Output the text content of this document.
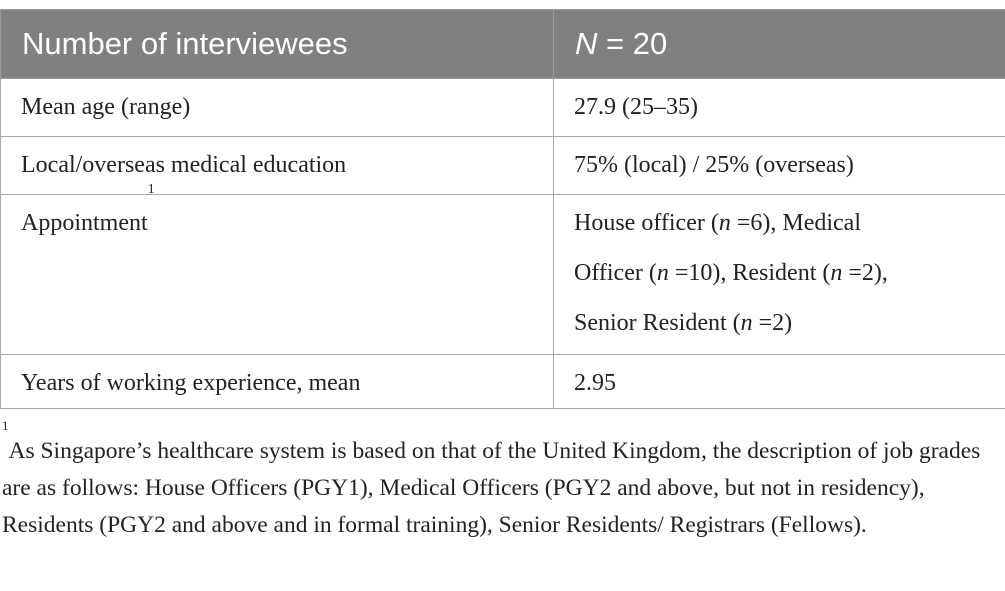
Number of interviewees	N = 20
Mean age (range)	27.9 (25–35)
Local/overseas medical education	75% (local) / 25% (overseas)
Appointment$^1$	House officer (n =6), Medical
Officer (n =10), Resident (n =2),
Senior Resident (n =2)

Years of working experience, mean	2.95
$^1$As Singapore’s healthcare system is based on that of the United Kingdom, the description of job grades are as follows: House Officers (PGY1), Medical Officers (PGY2 and above, but not in residency), Residents (PGY2 and above and in formal training), Senior Residents/ Registrars (Fellows).
